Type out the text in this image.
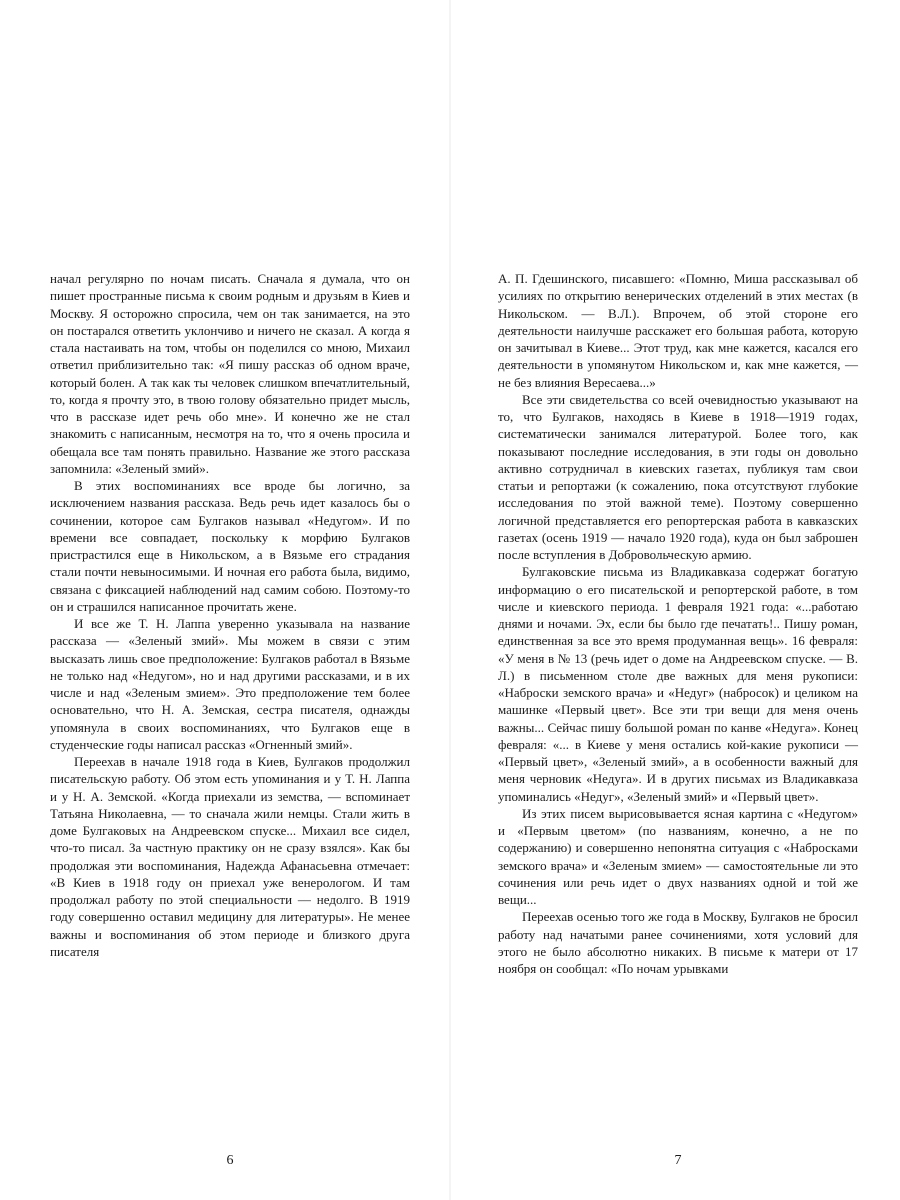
начал регулярно по ночам писать. Сначала я думала, что он пишет пространные письма к своим родным и друзьям в Киев и Москву. Я осторожно спросила, чем он так занимается, на это он постарался ответить уклончиво и ничего не сказал. А когда я стала настаивать на том, чтобы он поделился со мною, Михаил ответил приблизительно так: «Я пишу рассказ об одном враче, который болен. А так как ты человек слишком впечатлительный, то, когда я прочту это, в твою голову обязательно придет мысль, что в рассказе идет речь обо мне». И конечно же не стал знакомить с написанным, несмотря на то, что я очень просила и обещала все там понять правильно. Название же этого рассказа запомнила: «Зеленый змий».

В этих воспоминаниях все вроде бы логично, за исключением названия рассказа. Ведь речь идет казалось бы о сочинении, которое сам Булгаков называл «Недугом». И по времени все совпадает, поскольку к морфию Булгаков пристрастился еще в Никольском, а в Вязьме его страдания стали почти невыносимыми. И ночная его работа была, видимо, связана с фиксацией наблюдений над самим собою. Поэтому-то он и страшился написанное прочитать жене.

И все же Т. Н. Лаппа уверенно указывала на название рассказа — «Зеленый змий». Мы можем в связи с этим высказать лишь свое предположение: Булгаков работал в Вязьме не только над «Недугом», но и над другими рассказами, и в их числе и над «Зеленым змием». Это предположение тем более основательно, что Н. А. Земская, сестра писателя, однажды упомянула в своих воспоминаниях, что Булгаков еще в студенческие годы написал рассказ «Огненный змий».

Переехав в начале 1918 года в Киев, Булгаков продолжил писательскую работу. Об этом есть упоминания и у Т. Н. Лаппа и у Н. А. Земской. «Когда приехали из земства, — вспоминает Татьяна Николаевна, — то сначала жили немцы. Стали жить в доме Булгаковых на Андреевском спуске... Михаил все сидел, что-то писал. За частную практику он не сразу взялся». Как бы продолжая эти воспоминания, Надежда Афанасьевна отмечает: «В Киев в 1918 году он приехал уже венерологом. И там продолжал работу по этой специальности — недолго. В 1919 году совершенно оставил медицину для литературы». Не менее важны и воспоминания об этом периоде и близкого друга писателя

6

А. П. Гдешинского, писавшего: «Помню, Миша рассказывал об усилиях по открытию венерических отделений в этих местах (в Никольском. — В.Л.). Впрочем, об этой стороне его деятельности наилучше расскажет его большая работа, которую он зачитывал в Киеве... Этот труд, как мне кажется, касался его деятельности в упомянутом Никольском и, как мне кажется, — не без влияния Вересаева...»

Все эти свидетельства со всей очевидностью указывают на то, что Булгаков, находясь в Киеве в 1918—1919 годах, систематически занимался литературой. Более того, как показывают последние исследования, в эти годы он довольно активно сотрудничал в киевских газетах, публикуя там свои статьи и репортажи (к сожалению, пока отсутствуют глубокие исследования по этой важной теме). Поэтому совершенно логичной представляется его репортерская работа в кавказских газетах (осень 1919 — начало 1920 года), куда он был заброшен после вступления в Добровольческую армию.

Булгаковские письма из Владикавказа содержат богатую информацию о его писательской и репортерской работе, в том числе и киевского периода. 1 февраля 1921 года: «...работаю днями и ночами. Эх, если бы было где печатать!.. Пишу роман, единственная за все это время продуманная вещь». 16 февраля: «У меня в № 13 (речь идет о доме на Андреевском спуске. — В. Л.) в письменном столе две важных для меня рукописи: «Наброски земского врача» и «Недуг» (набросок) и целиком на машинке «Первый цвет». Все эти три вещи для меня очень важны... Сейчас пишу большой роман по канве «Недуга». Конец февраля: «... в Киеве у меня остались кой-какие рукописи — «Первый цвет», «Зеленый змий», а в особенности важный для меня черновик «Недуга». И в других письмах из Владикавказа упоминались «Недуг», «Зеленый змий» и «Первый цвет».

Из этих писем вырисовывается ясная картина с «Недугом» и «Первым цветом» (по названиям, конечно, а не по содержанию) и совершенно непонятна ситуация с «Набросками земского врача» и «Зеленым змием» — самостоятельные ли это сочинения или речь идет о двух названиях одной и той же вещи...

Переехав осенью того же года в Москву, Булгаков не бросил работу над начатыми ранее сочинениями, хотя условий для этого не было абсолютно никаких. В письме к матери от 17 ноября он сообщал: «По ночам урывками

7
